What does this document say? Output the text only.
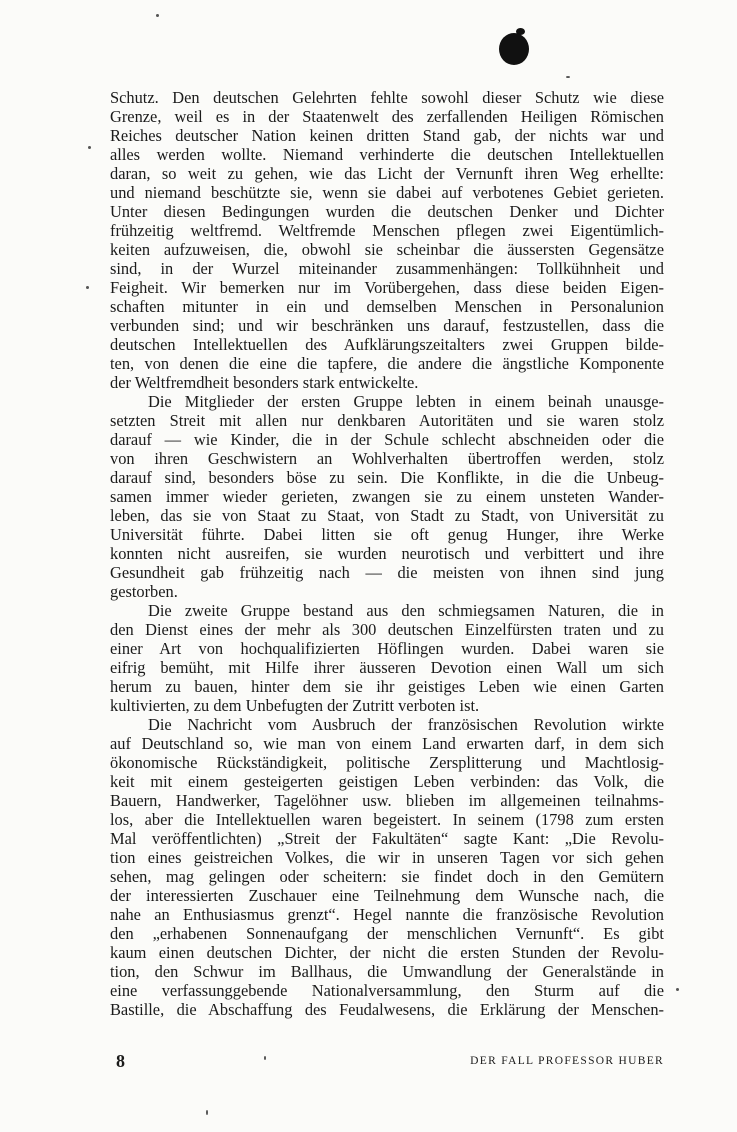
Schutz. Den deutschen Gelehrten fehlte sowohl dieser Schutz wie diese
Grenze, weil es in der Staatenwelt des zerfallenden Heiligen Römischen
Reiches deutscher Nation keinen dritten Stand gab, der nichts war und
alles werden wollte. Niemand verhinderte die deutschen Intellektuellen
daran, so weit zu gehen, wie das Licht der Vernunft ihren Weg erhellte:
und niemand beschützte sie, wenn sie dabei auf verbotenes Gebiet gerieten.
Unter diesen Bedingungen wurden die deutschen Denker und Dichter
frühzeitig weltfremd. Weltfremde Menschen pflegen zwei Eigentümlich-
keiten aufzuweisen, die, obwohl sie scheinbar die äussersten Gegensätze
sind, in der Wurzel miteinander zusammenhängen: Tollkühnheit und
Feigheit. Wir bemerken nur im Vorübergehen, dass diese beiden Eigen-
schaften mitunter in ein und demselben Menschen in Personalunion
verbunden sind; und wir beschränken uns darauf, festzustellen, dass die
deutschen Intellektuellen des Aufklärungszeitalters zwei Gruppen bilde-
ten, von denen die eine die tapfere, die andere die ängstliche Komponente
der Weltfremdheit besonders stark entwickelte.
Die Mitglieder der ersten Gruppe lebten in einem beinah unausge-
setzten Streit mit allen nur denkbaren Autoritäten und sie waren stolz
darauf — wie Kinder, die in der Schule schlecht abschneiden oder die
von ihren Geschwistern an Wohlverhalten übertroffen werden, stolz
darauf sind, besonders böse zu sein. Die Konflikte, in die die Unbeug-
samen immer wieder gerieten, zwangen sie zu einem unsteten Wander-
leben, das sie von Staat zu Staat, von Stadt zu Stadt, von Universität zu
Universität führte. Dabei litten sie oft genug Hunger, ihre Werke
konnten nicht ausreifen, sie wurden neurotisch und verbittert und ihre
Gesundheit gab frühzeitig nach — die meisten von ihnen sind jung
gestorben.
Die zweite Gruppe bestand aus den schmiegsamen Naturen, die in
den Dienst eines der mehr als 300 deutschen Einzelfürsten traten und zu
einer Art von hochqualifizierten Höflingen wurden. Dabei waren sie
eifrig bemüht, mit Hilfe ihrer äusseren Devotion einen Wall um sich
herum zu bauen, hinter dem sie ihr geistiges Leben wie einen Garten
kultivierten, zu dem Unbefugten der Zutritt verboten ist.
Die Nachricht vom Ausbruch der französischen Revolution wirkte
auf Deutschland so, wie man von einem Land erwarten darf, in dem sich
ökonomische Rückständigkeit, politische Zersplitterung und Machtlosig-
keit mit einem gesteigerten geistigen Leben verbinden: das Volk, die
Bauern, Handwerker, Tagelöhner usw. blieben im allgemeinen teilnahms-
los, aber die Intellektuellen waren begeistert. In seinem (1798 zum ersten
Mal veröffentlichten) „Streit der Fakultäten“ sagte Kant: „Die Revolu-
tion eines geistreichen Volkes, die wir in unseren Tagen vor sich gehen
sehen, mag gelingen oder scheitern: sie findet doch in den Gemütern
der interessierten Zuschauer eine Teilnehmung dem Wunsche nach, die
nahe an Enthusiasmus grenzt“. Hegel nannte die französische Revolution
den „erhabenen Sonnenaufgang der menschlichen Vernunft“. Es gibt
kaum einen deutschen Dichter, der nicht die ersten Stunden der Revolu-
tion, den Schwur im Ballhaus, die Umwandlung der Generalstände in
eine verfassunggebende Nationalversammlung, den Sturm auf die
Bastille, die Abschaffung des Feudalwesens, die Erklärung der Menschen-
8	DER FALL PROFESSOR HUBER
